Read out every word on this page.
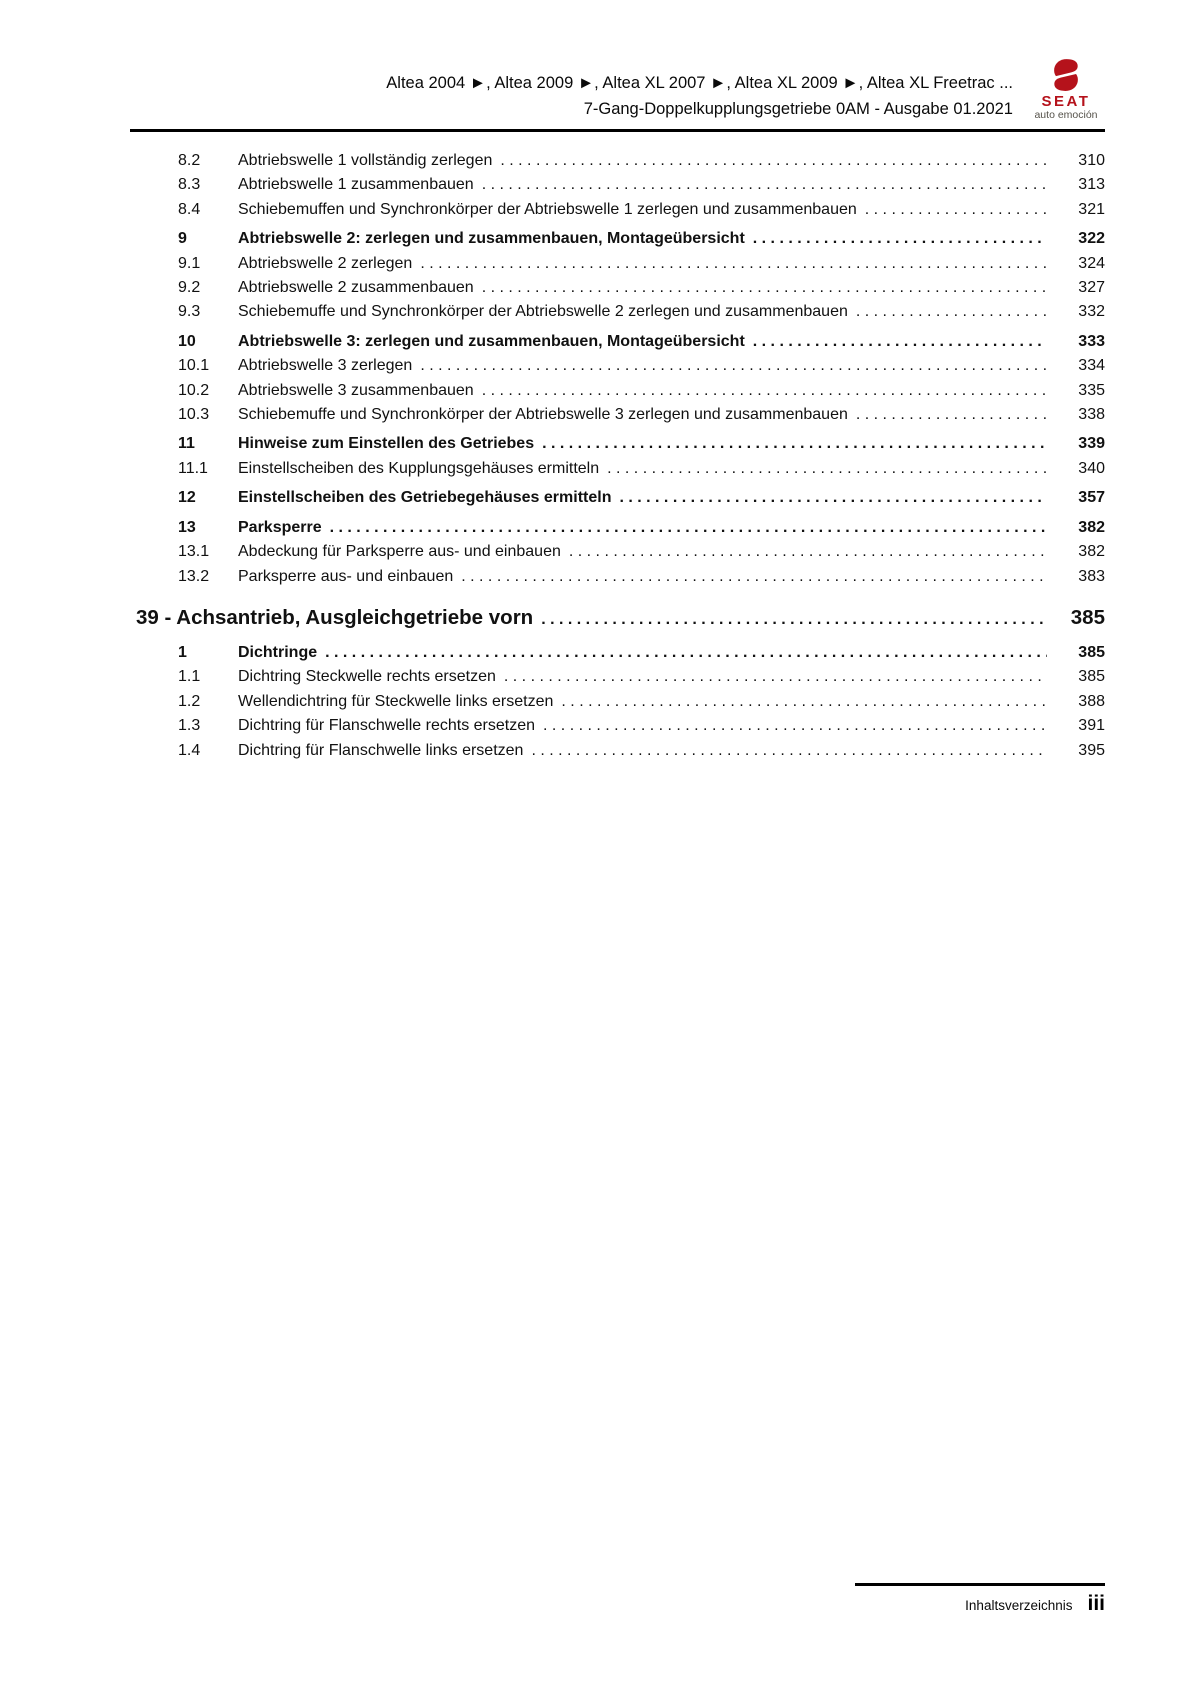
Altea 2004 ►, Altea 2009 ►, Altea XL 2007 ►, Altea XL 2009 ►, Altea XL Freetrac ...
7-Gang-Doppelkupplungsgetriebe 0AM - Ausgabe 01.2021	SEAT
auto emoción
8.2	Abtriebswelle 1 vollständig zerlegen . . .	310
8.3	Abtriebswelle 1 zusammenbauen . . .	313
8.4	Schiebemuffen und Synchronkörper der Abtriebswelle 1 zerlegen und zusammenbauen . . .	321
9	Abtriebswelle 2: zerlegen und zusammenbauen, Montageübersicht . . .	322
9.1	Abtriebswelle 2 zerlegen . . .	324
9.2	Abtriebswelle 2 zusammenbauen . . .	327
9.3	Schiebemuffe und Synchronkörper der Abtriebswelle 2 zerlegen und zusammenbauen . . .	332
10	Abtriebswelle 3: zerlegen und zusammenbauen, Montageübersicht . . .	333
10.1	Abtriebswelle 3 zerlegen . . .	334
10.2	Abtriebswelle 3 zusammenbauen . . .	335
10.3	Schiebemuffe und Synchronkörper der Abtriebswelle 3 zerlegen und zusammenbauen . . .	338
11	Hinweise zum Einstellen des Getriebes . . .	339
11.1	Einstellscheiben des Kupplungsgehäuses ermitteln . . .	340
12	Einstellscheiben des Getriebegehäuses ermitteln . . .	357
13	Parksperre . . .	382
13.1	Abdeckung für Parksperre aus- und einbauen . . .	382
13.2	Parksperre aus- und einbauen . . .	383
39 - Achsantrieb, Ausgleichgetriebe vorn . . .	385
1	Dichtringe . . .	385
1.1	Dichtring Steckwelle rechts ersetzen . . .	385
1.2	Wellendichtring für Steckwelle links ersetzen . . .	388
1.3	Dichtring für Flanschwelle rechts ersetzen . . .	391
1.4	Dichtring für Flanschwelle links ersetzen . . .	395
Inhaltsverzeichnis iii
